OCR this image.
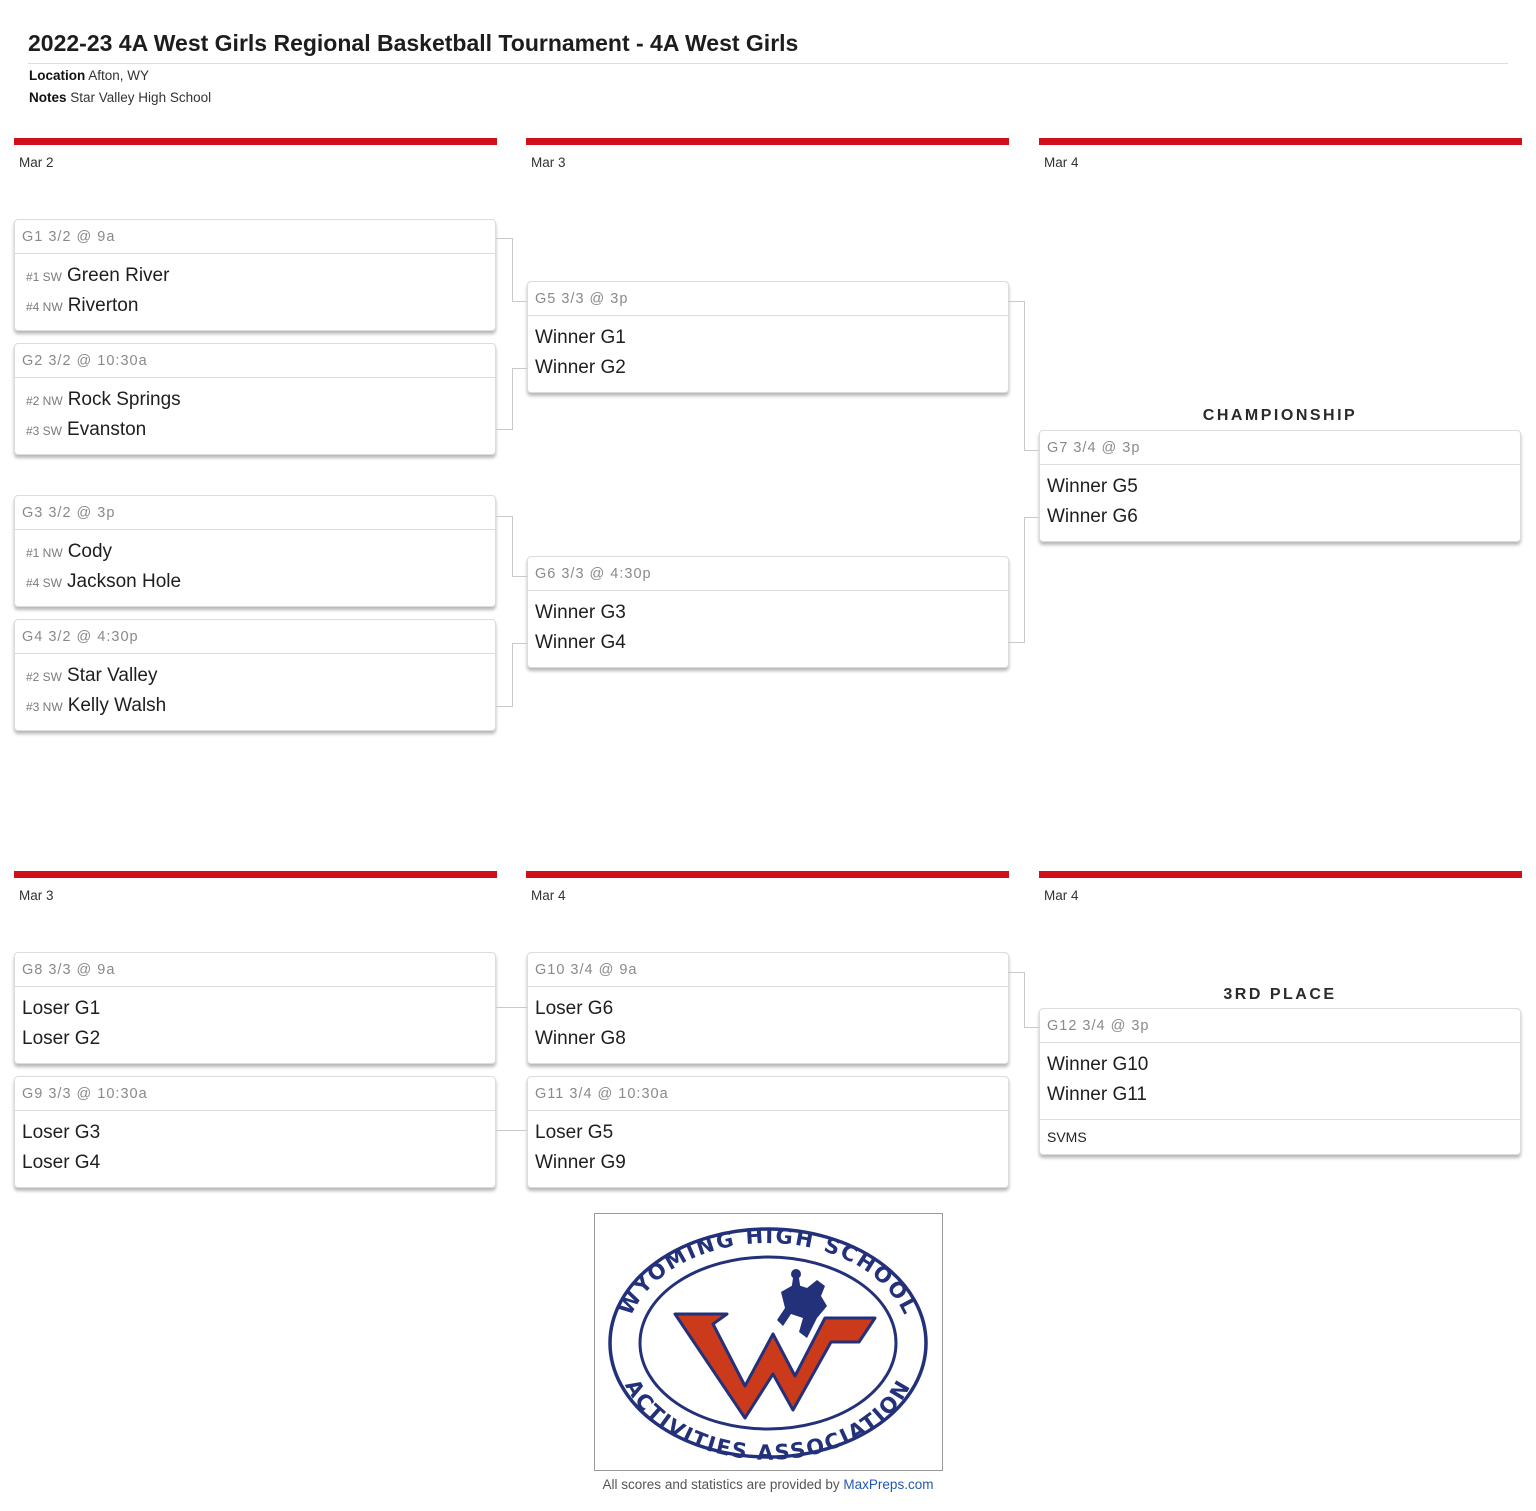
2022-23 4A West Girls Regional Basketball Tournament - 4A West Girls
Location Afton, WY
Notes Star Valley High School
Mar 2	Mar 3	Mar 4
G1 3/2 @ 9a
#1 SW Green River
#4 NW Riverton
G2 3/2 @ 10:30a
#2 NW Rock Springs
#3 SW Evanston
G3 3/2 @ 3p
#1 NW Cody
#4 SW Jackson Hole
G4 3/2 @ 4:30p
#2 SW Star Valley
#3 NW Kelly Walsh
G5 3/3 @ 3p
Winner G1
Winner G2
G6 3/3 @ 4:30p
Winner G3
Winner G4
CHAMPIONSHIP
G7 3/4 @ 3p
Winner G5
Winner G6
Mar 3	Mar 4	Mar 4
G8 3/3 @ 9a
Loser G1
Loser G2
G9 3/3 @ 10:30a
Loser G3
Loser G4
G10 3/4 @ 9a
Loser G6
Winner G8
G11 3/4 @ 10:30a
Loser G5
Winner G9
3RD PLACE
G12 3/4 @ 3p
Winner G10
Winner G11
SVMS
WYOMING HIGH SCHOOL
ACTIVITIES ASSOCIATION
All scores and statistics are provided by MaxPreps.com
